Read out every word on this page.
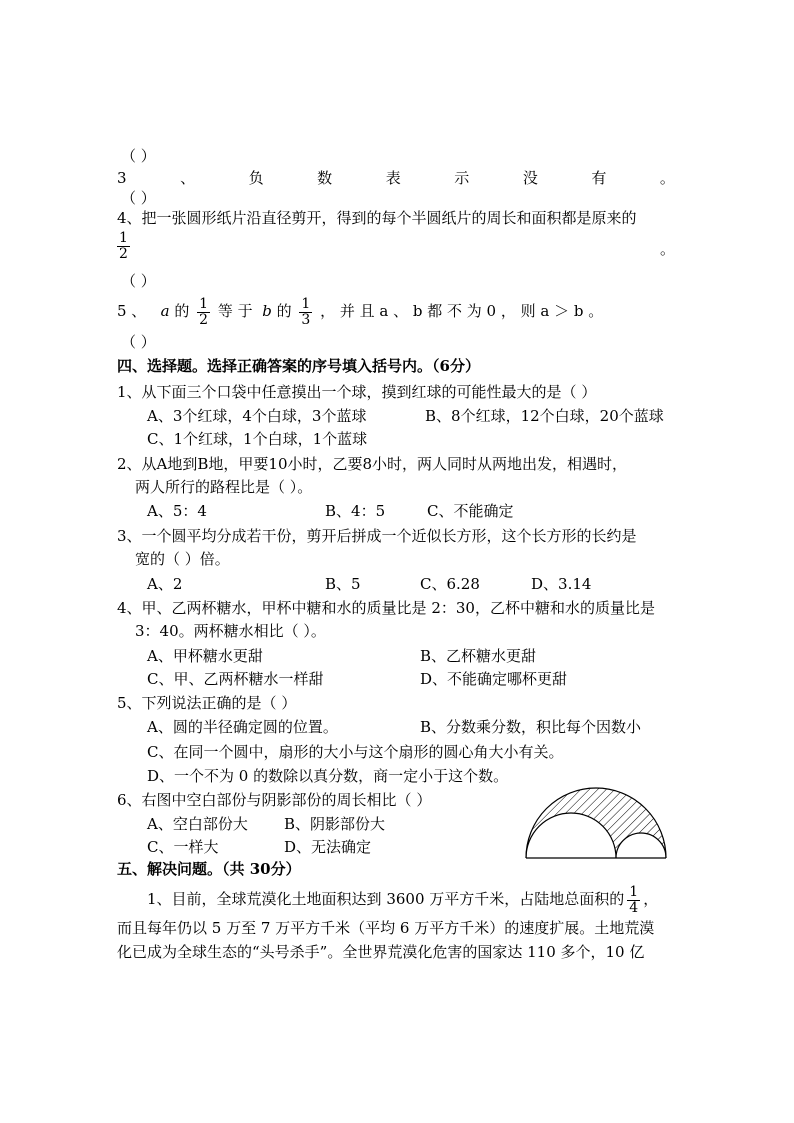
（ ）
3	、	负	数	表	示	没	有	。
（ ）
4、把一张圆形纸片沿直径剪开，得到的每个半圆纸片的周长和面积都是原来的
$\frac{1}{2}$	。
（ ）
5 、 a 的 $\frac{1}{2}$ 等 于 b 的 $\frac{1}{3}$ ， 并 且 a 、 b 都 不 为 0 ， 则 a ＞ b 。
（ ）
四、选择题。选择正确答案的序号填入括号内。（6分）
1、从下面三个口袋中任意摸出一个球，摸到红球的可能性最大的是（ ）
A、3个红球，4个白球，3个蓝球	B、8个红球，12个白球，20个蓝球
C、1个红球，1个白球，1个蓝球
2、从A地到B地，甲要10小时，乙要8小时，两人同时从两地出发，相遇时，
两人所行的路程比是（ ）。
A、5：4	B、4：5	C、不能确定
3、一个圆平均分成若干份，剪开后拼成一个近似长方形，这个长方形的长约是
宽的（ ）倍。
A、2	B、5	C、6.28	D、3.14
4、甲、乙两杯糖水，甲杯中糖和水的质量比是 2：30，乙杯中糖和水的质量比是
3：40。两杯糖水相比（ ）。
A、甲杯糖水更甜	B、乙杯糖水更甜
C、甲、乙两杯糖水一样甜	D、不能确定哪杯更甜
5、下列说法正确的是（ ）
A、圆的半径确定圆的位置。	B、分数乘分数，积比每个因数小
C、在同一个圆中，扇形的大小与这个扇形的圆心角大小有关。
D、一个不为 0 的数除以真分数，商一定小于这个数。
6、右图中空白部份与阴影部份的周长相比（ ）
A、空白部份大 B、阴影部份大
C、一样大	D、无法确定
五、解决问题。（共 30分）
1、目前，全球荒漠化土地面积达到 3600 万平方千米，占陆地总面积的 $\frac{1}{4}$ ，
而且每年仍以 5 万至 7 万平方千米（平均 6 万平方千米）的速度扩展。土地荒漠
化已成为全球生态的“头号杀手”。全世界荒漠化危害的国家达 110 多个，10 亿
